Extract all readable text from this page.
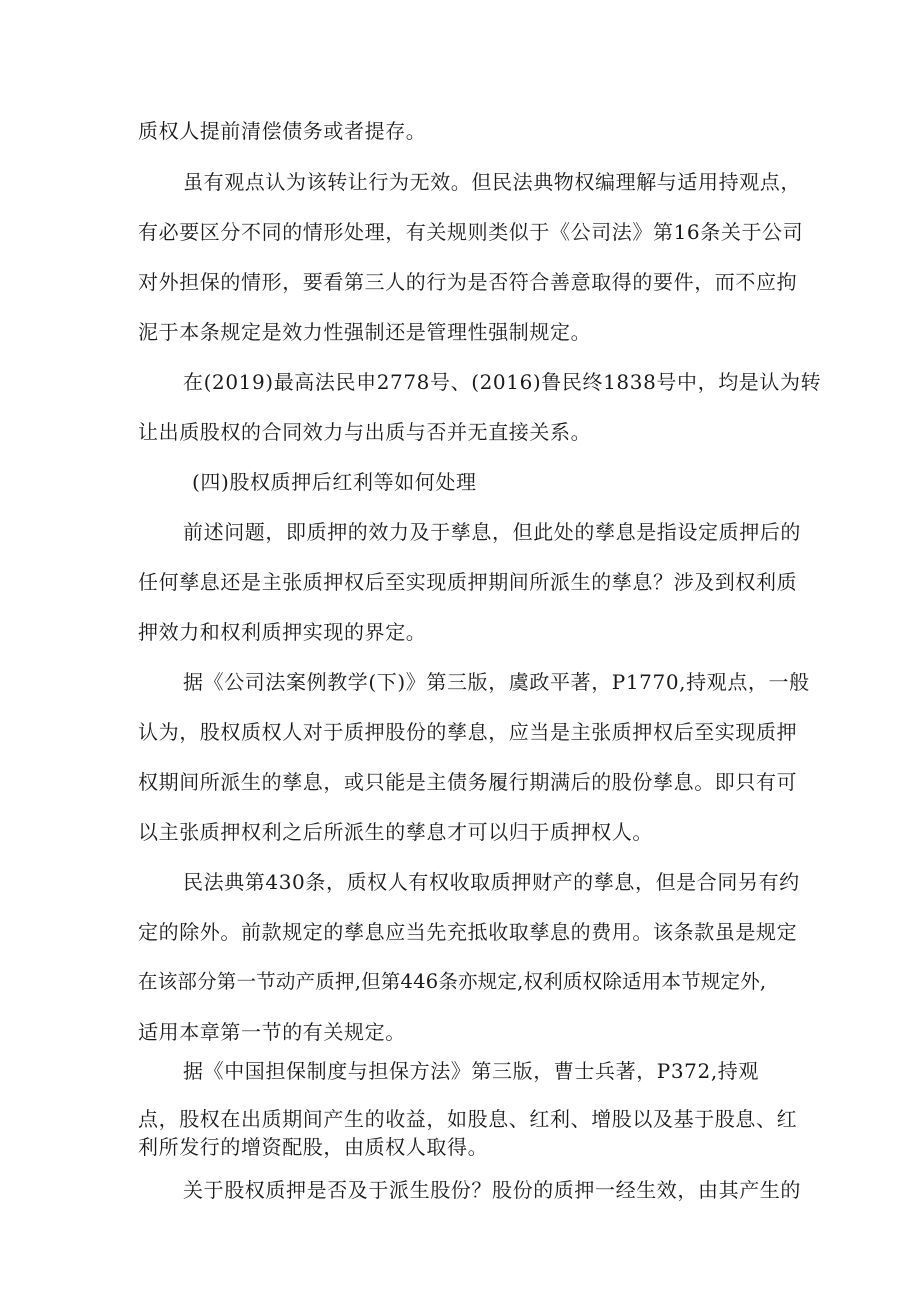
质权人提前清偿债务或者提存。
虽有观点认为该转让行为无效。但民法典物权编理解与适用持观点，
有必要区分不同的情形处理，有关规则类似于《公司法》第16条关于公司
对外担保的情形，要看第三人的行为是否符合善意取得的要件，而不应拘
泥于本条规定是效力性强制还是管理性强制规定。
在(2019)最高法民申2778号、(2016)鲁民终1838号中，均是认为转
让出质股权的合同效力与出质与否并无直接关系。
(四)股权质押后红利等如何处理
前述问题，即质押的效力及于孳息，但此处的孳息是指设定质押后的
任何孳息还是主张质押权后至实现质押期间所派生的孳息？涉及到权利质
押效力和权利质押实现的界定。
据《公司法案例教学(下)》第三版，虞政平著，P1770,持观点，一般
认为，股权质权人对于质押股份的孳息，应当是主张质押权后至实现质押
权期间所派生的孳息，或只能是主债务履行期满后的股份孳息。即只有可
以主张质押权利之后所派生的孳息才可以归于质押权人。
民法典第430条，质权人有权收取质押财产的孳息，但是合同另有约
定的除外。前款规定的孳息应当先充抵收取孳息的费用。该条款虽是规定
在该部分第一节动产质押,但第446条亦规定,权利质权除适用本节规定外,
适用本章第一节的有关规定。
据《中国担保制度与担保方法》第三版，曹士兵著，P372,持观
点，股权在出质期间产生的收益，如股息、红利、增股以及基于股息、红
利所发行的增资配股，由质权人取得。
关于股权质押是否及于派生股份？股份的质押一经生效，由其产生的
